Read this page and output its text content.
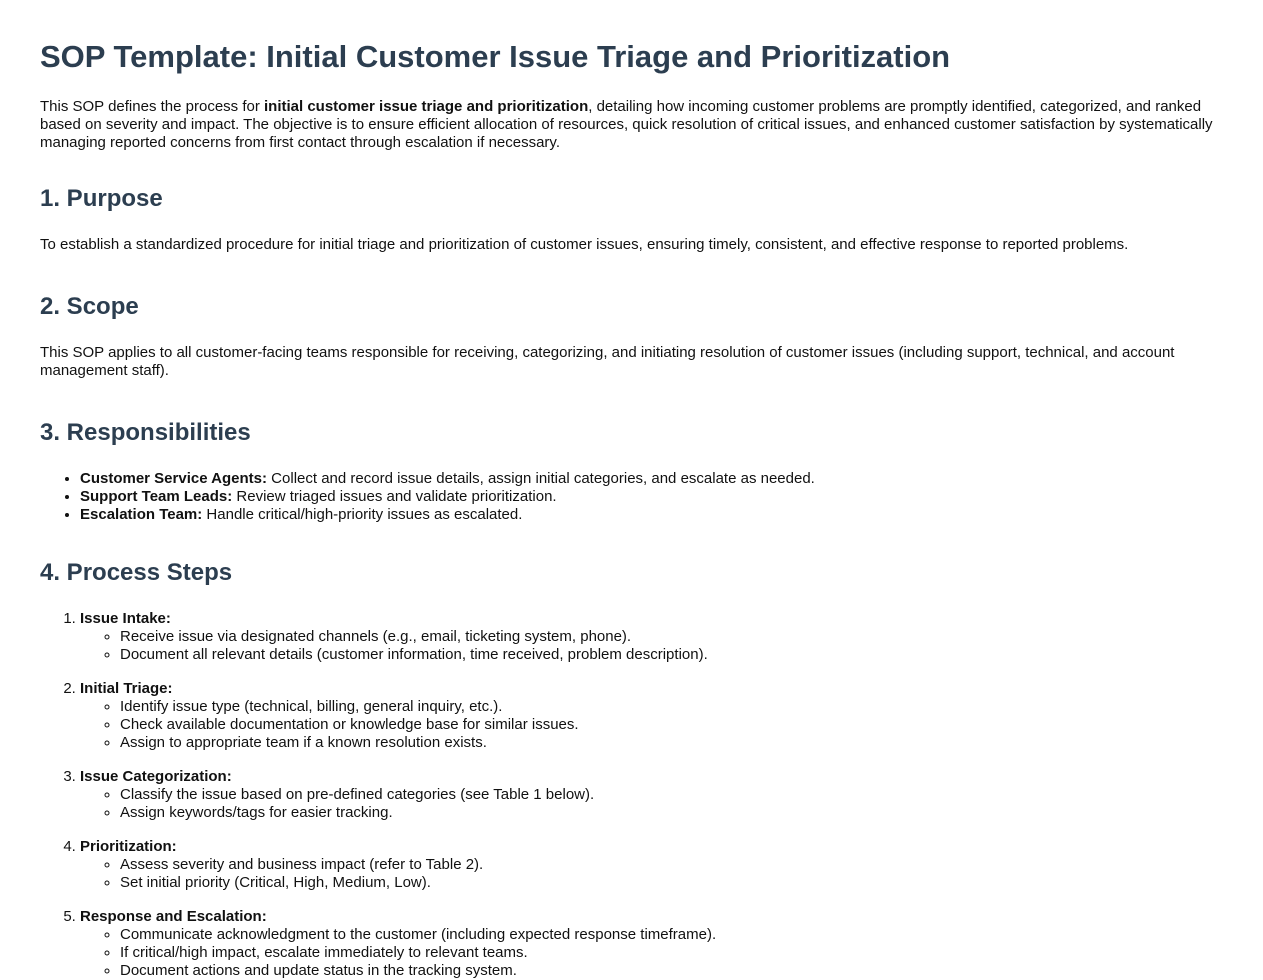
SOP Template: Initial Customer Issue Triage and Prioritization

This SOP defines the process for initial customer issue triage and prioritization, detailing how incoming customer problems are promptly identified, categorized, and ranked based on severity and impact. The objective is to ensure efficient allocation of resources, quick resolution of critical issues, and enhanced customer satisfaction by systematically managing reported concerns from first contact through escalation if necessary.

1. Purpose

To establish a standardized procedure for initial triage and prioritization of customer issues, ensuring timely, consistent, and effective response to reported problems.

2. Scope

This SOP applies to all customer-facing teams responsible for receiving, categorizing, and initiating resolution of customer issues (including support, technical, and account management staff).

3. Responsibilities
• Customer Service Agents: Collect and record issue details, assign initial categories, and escalate as needed.
• Support Team Leads: Review triaged issues and validate prioritization.
• Escalation Team: Handle critical/high-priority issues as escalated.
4. Process Steps
1. Issue Intake:
◦ Receive issue via designated channels (e.g., email, ticketing system, phone).
◦ Document all relevant details (customer information, time received, problem description).
2. Initial Triage:
◦ Identify issue type (technical, billing, general inquiry, etc.).
◦ Check available documentation or knowledge base for similar issues.
◦ Assign to appropriate team if a known resolution exists.
3. Issue Categorization:
◦ Classify the issue based on pre-defined categories (see Table 1 below).
◦ Assign keywords/tags for easier tracking.
4. Prioritization:
◦ Assess severity and business impact (refer to Table 2).
◦ Set initial priority (Critical, High, Medium, Low).
5. Response and Escalation:
◦ Communicate acknowledgment to the customer (including expected response timeframe).
◦ If critical/high impact, escalate immediately to relevant teams.
◦ Document actions and update status in the tracking system.
